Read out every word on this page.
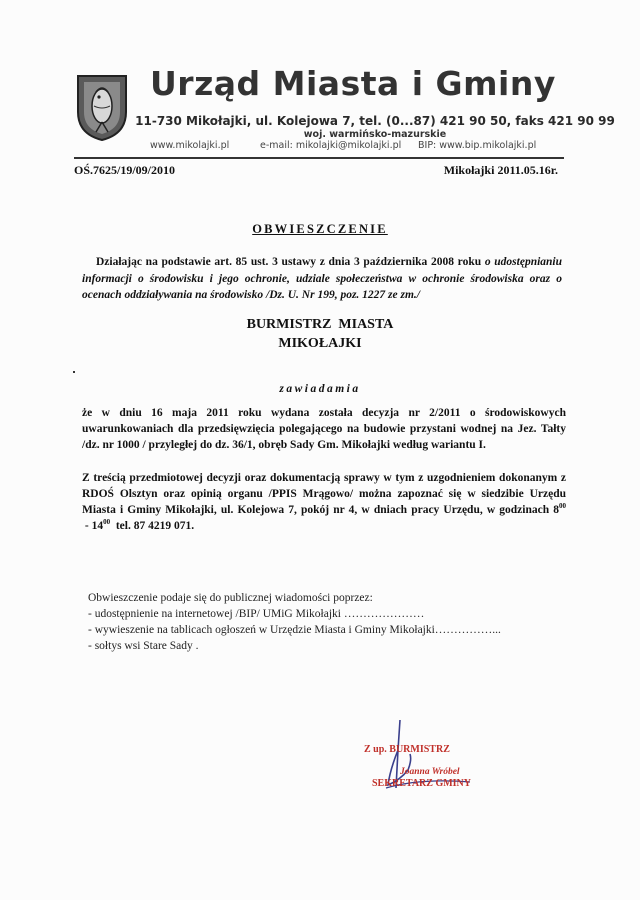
Urząd Miasta i Gminy
11-730 Mikołajki, ul. Kolejowa 7, tel. (0...87) 421 90 50, faks 421 90 99
woj. warmińsko-mazurskie
www.mikolajki.pl	e-mail: mikolajki@mikolajki.pl BIP: www.bip.mikolajki.pl
OŚ.7625/19/09/2010	Mikołajki 2011.05.16r.
OBWIESZCZENIE
Działając na podstawie art. 85 ust. 3 ustawy z dnia 3 października 2008 roku o udostępnianiu informacji o środowisku i jego ochronie, udziale społeczeństwa w ochronie środowiska oraz o ocenach oddziaływania na środowisko /Dz. U. Nr 199, poz. 1227 ze zm./
BURMISTRZ  MIASTA
MIKOŁAJKI
zawiadamia
że w dniu 16 maja 2011 roku wydana została decyzja nr 2/2011 o środowiskowych uwarunkowaniach dla przedsięwzięcia polegającego na budowie przystani wodnej na Jez. Tałty /dz. nr 1000 / przyległej do dz. 36/1, obręb Sady Gm. Mikołajki według wariantu I.
Z treścią przedmiotowej decyzji oraz dokumentacją sprawy w tym z uzgodnieniem dokonanym z RDOŚ Olsztyn oraz opinią organu /PPIS Mrągowo/ można zapoznać się w siedzibie Urzędu Miasta i Gminy Mikołajki, ul. Kolejowa 7, pokój nr 4, w dniach pracy Urzędu, w godzinach $8^{00} - 14^{00}$  tel. 87 4219 071.
Obwieszczenie podaje się do publicznej wiadomości poprzez:
- udostępnienie na internetowej /BIP/ UMiG Mikołajki …………………
- wywieszenie na tablicach ogłoszeń w Urzędzie Miasta i Gminy Mikołajki……………...
- sołtys wsi Stare Sady .
Z up. BURMISTRZ
Joanna Wróbel
SEKRETARZ GMINY
